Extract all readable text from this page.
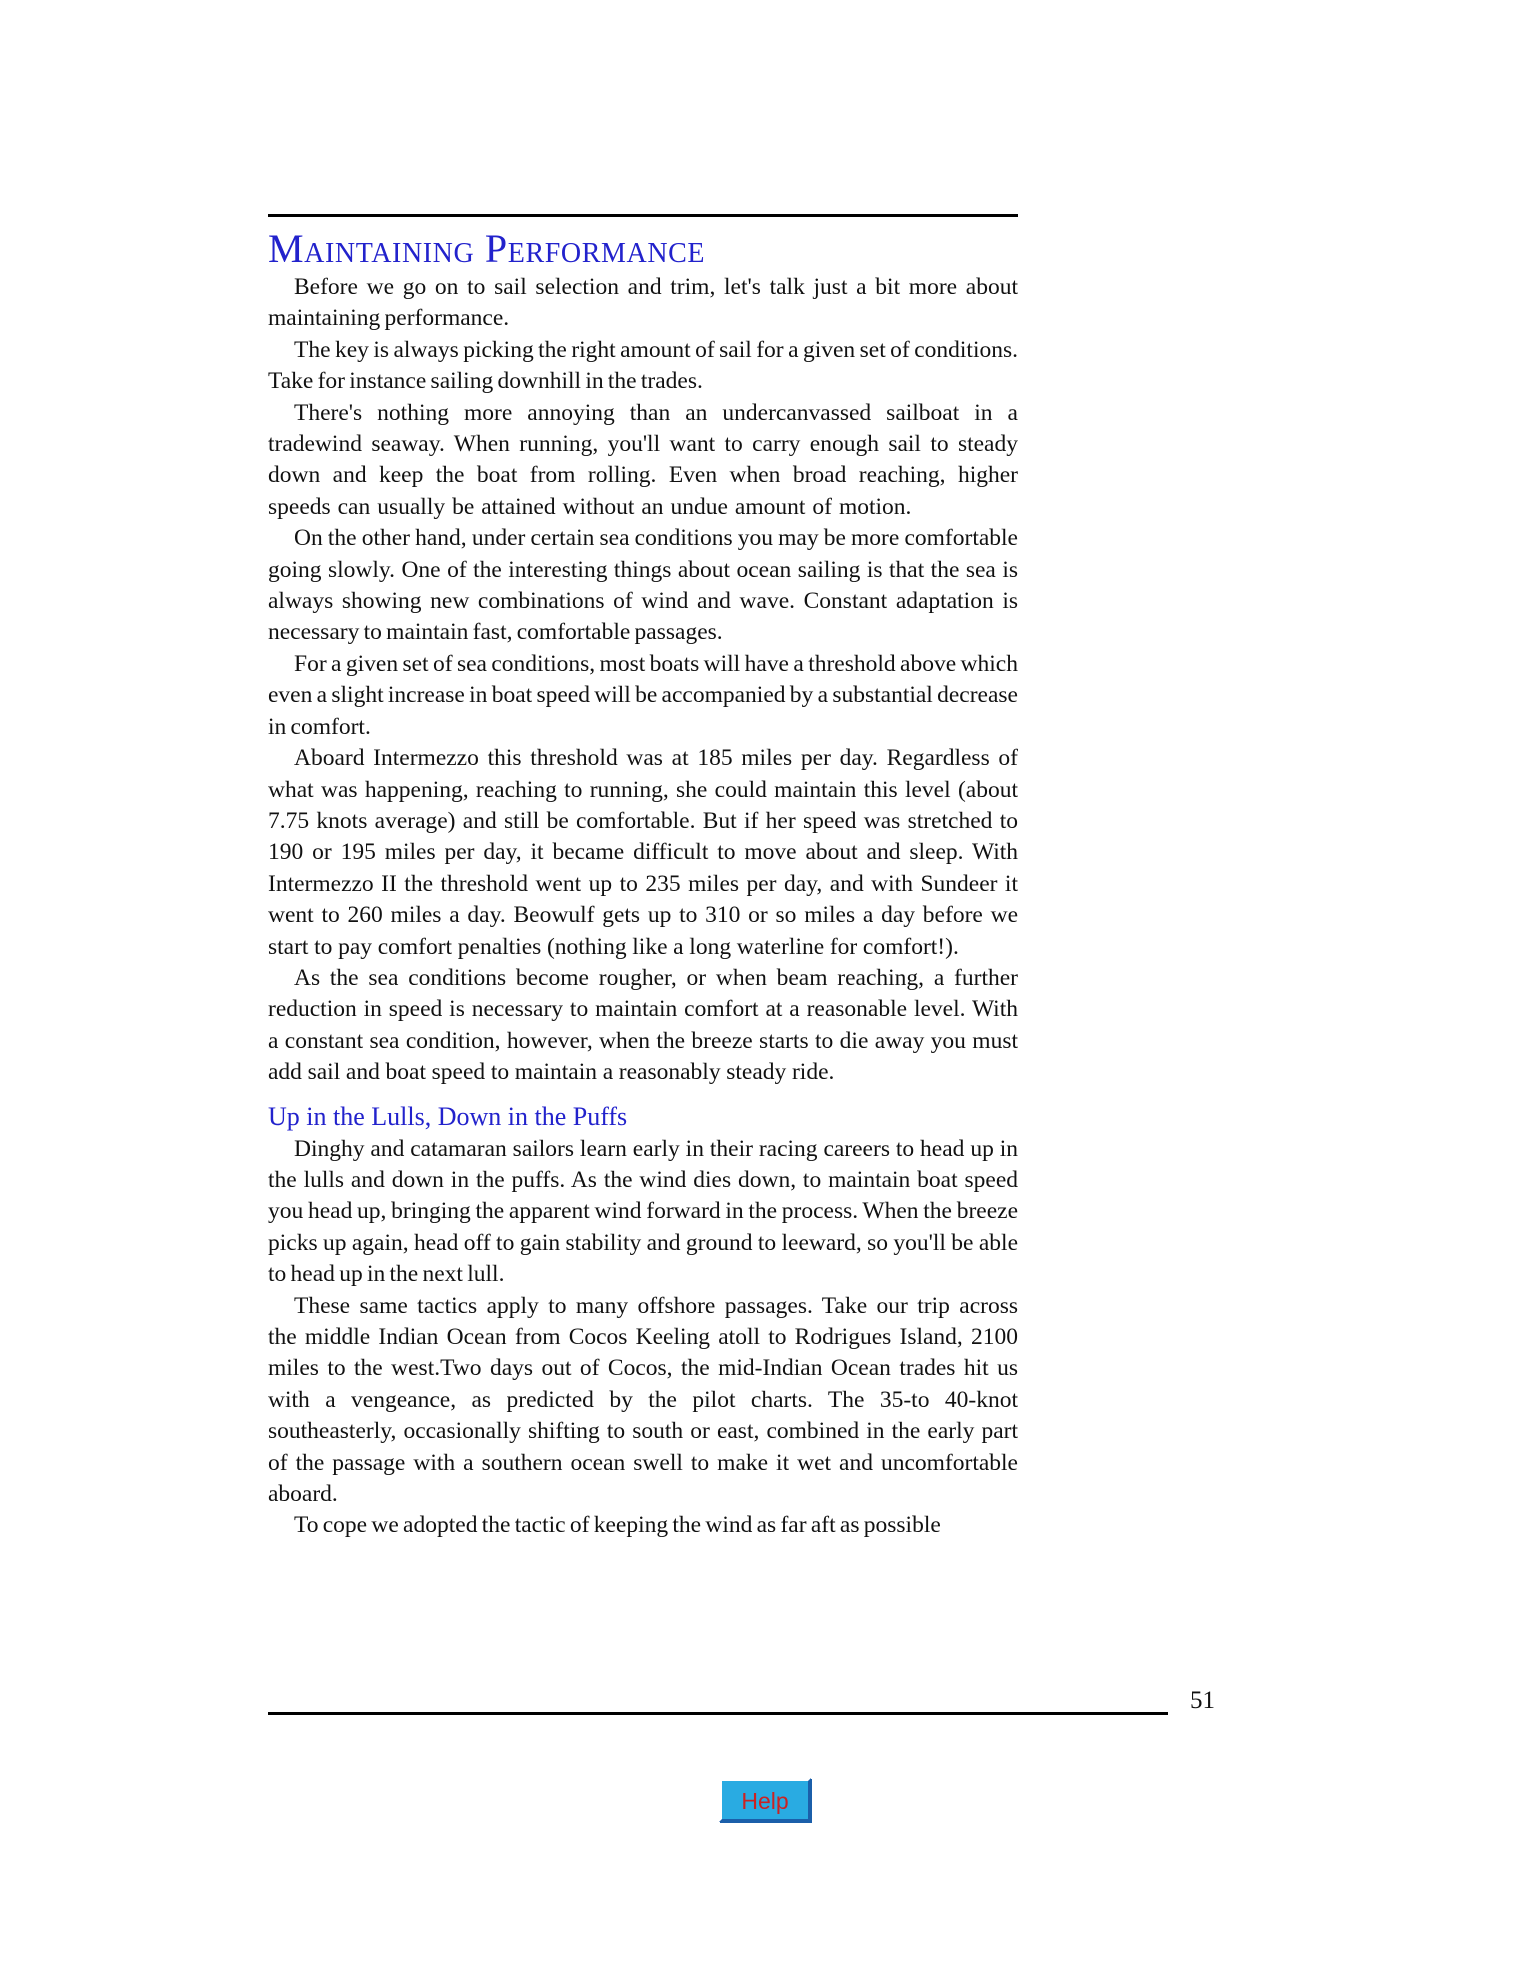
Maintaining Performance

Before we go on to sail selection and trim, let's talk just a bit more about maintaining performance.

The key is always picking the right amount of sail for a given set of conditions. Take for instance sailing downhill in the trades.

There's nothing more annoying than an undercanvassed sailboat in a tradewind seaway. When running, you'll want to carry enough sail to steady down and keep the boat from rolling. Even when broad reaching, higher speeds can usually be attained without an undue amount of motion.

On the other hand, under certain sea conditions you may be more comfortable going slowly. One of the interesting things about ocean sailing is that the sea is always showing new combinations of wind and wave. Constant adaptation is necessary to maintain fast, comfortable passages.

For a given set of sea conditions, most boats will have a threshold above which even a slight increase in boat speed will be accompanied by a substantial decrease in comfort.

Aboard Intermezzo this threshold was at 185 miles per day. Regardless of what was happening, reaching to running, she could maintain this level (about 7.75 knots average) and still be comfortable. But if her speed was stretched to 190 or 195 miles per day, it became difficult to move about and sleep. With Intermezzo II the threshold went up to 235 miles per day, and with Sundeer it went to 260 miles a day. Beowulf gets up to 310 or so miles a day before we start to pay comfort penalties (nothing like a long waterline for comfort!).

As the sea conditions become rougher, or when beam reaching, a further reduction in speed is necessary to maintain comfort at a reasonable level. With a constant sea condition, however, when the breeze starts to die away you must add sail and boat speed to maintain a reasonably steady ride.

Up in the Lulls, Down in the Puffs

Dinghy and catamaran sailors learn early in their racing careers to head up in the lulls and down in the puffs. As the wind dies down, to maintain boat speed you head up, bringing the apparent wind forward in the process. When the breeze picks up again, head off to gain stability and ground to leeward, so you'll be able to head up in the next lull.

These same tactics apply to many offshore passages. Take our trip across the middle Indian Ocean from Cocos Keeling atoll to Rodrigues Island, 2100 miles to the west.Two days out of Cocos, the mid-Indian Ocean trades hit us with a vengeance, as predicted by the pilot charts. The 35-to 40-knot southeasterly, occasionally shifting to south or east, combined in the early part of the passage with a southern ocean swell to make it wet and uncomfortable aboard.

To cope we adopted the tactic of keeping the wind as far aft as possible

51
Help
